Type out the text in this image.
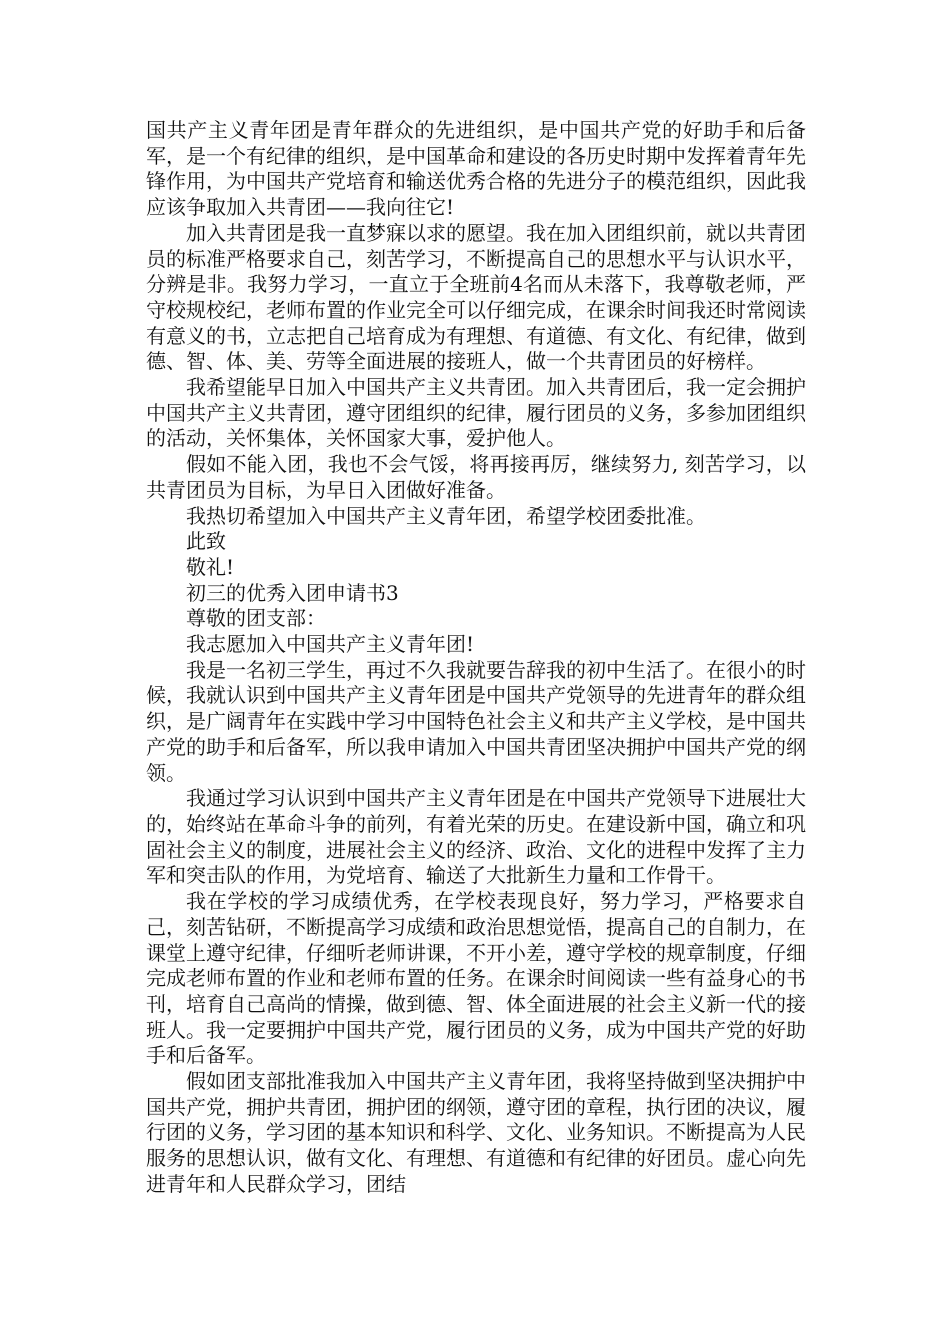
国共产主义青年团是青年群众的先进组织，是中国共产党的好助手和后备军，是一个有纪律的组织，是中国革命和建设的各历史时期中发挥着青年先锋作用，为中国共产党培育和输送优秀合格的先进分子的模范组织，因此我应该争取加入共青团——我向往它!

加入共青团是我一直梦寐以求的愿望。我在加入团组织前，就以共青团员的标准严格要求自己，刻苦学习，不断提高自己的思想水平与认识水平，分辨是非。我努力学习，一直立于全班前4名而从未落下，我尊敬老师，严守校规校纪，老师布置的作业完全可以仔细完成，在课余时间我还时常阅读有意义的书，立志把自己培育成为有理想、有道德、有文化、有纪律，做到德、智、体、美、劳等全面进展的接班人，做一个共青团员的好榜样。

我希望能早日加入中国共产主义共青团。加入共青团后，我一定会拥护中国共产主义共青团，遵守团组织的纪律，履行团员的义务，多参加团组织的活动，关怀集体，关怀国家大事，爱护他人。

假如不能入团，我也不会气馁，将再接再厉，继续努力, 刻苦学习，以共青团员为目标，为早日入团做好准备。

我热切希望加入中国共产主义青年团，希望学校团委批准。

此致

敬礼!

初三的优秀入团申请书3

尊敬的团支部：

我志愿加入中国共产主义青年团!

我是一名初三学生，再过不久我就要告辞我的初中生活了。在很小的时候，我就认识到中国共产主义青年团是中国共产党领导的先进青年的群众组织，是广阔青年在实践中学习中国特色社会主义和共产主义学校，是中国共产党的助手和后备军，所以我申请加入中国共青团坚决拥护中国共产党的纲领。

我通过学习认识到中国共产主义青年团是在中国共产党领导下进展壮大的，始终站在革命斗争的前列，有着光荣的历史。在建设新中国，确立和巩固社会主义的制度，进展社会主义的经济、政治、文化的进程中发挥了主力军和突击队的作用，为党培育、输送了大批新生力量和工作骨干。

我在学校的学习成绩优秀，在学校表现良好，努力学习，严格要求自己，刻苦钻研，不断提高学习成绩和政治思想觉悟，提高自己的自制力，在课堂上遵守纪律，仔细听老师讲课，不开小差，遵守学校的规章制度，仔细完成老师布置的作业和老师布置的任务。在课余时间阅读一些有益身心的书刊，培育自己高尚的情操，做到德、智、体全面进展的社会主义新一代的接班人。我一定要拥护中国共产党，履行团员的义务，成为中国共产党的好助手和后备军。

假如团支部批准我加入中国共产主义青年团，我将坚持做到坚决拥护中国共产党，拥护共青团，拥护团的纲领，遵守团的章程，执行团的决议，履行团的义务，学习团的基本知识和科学、文化、业务知识。不断提高为人民服务的思想认识，做有文化、有理想、有道德和有纪律的好团员。虚心向先进青年和人民群众学习，团结
